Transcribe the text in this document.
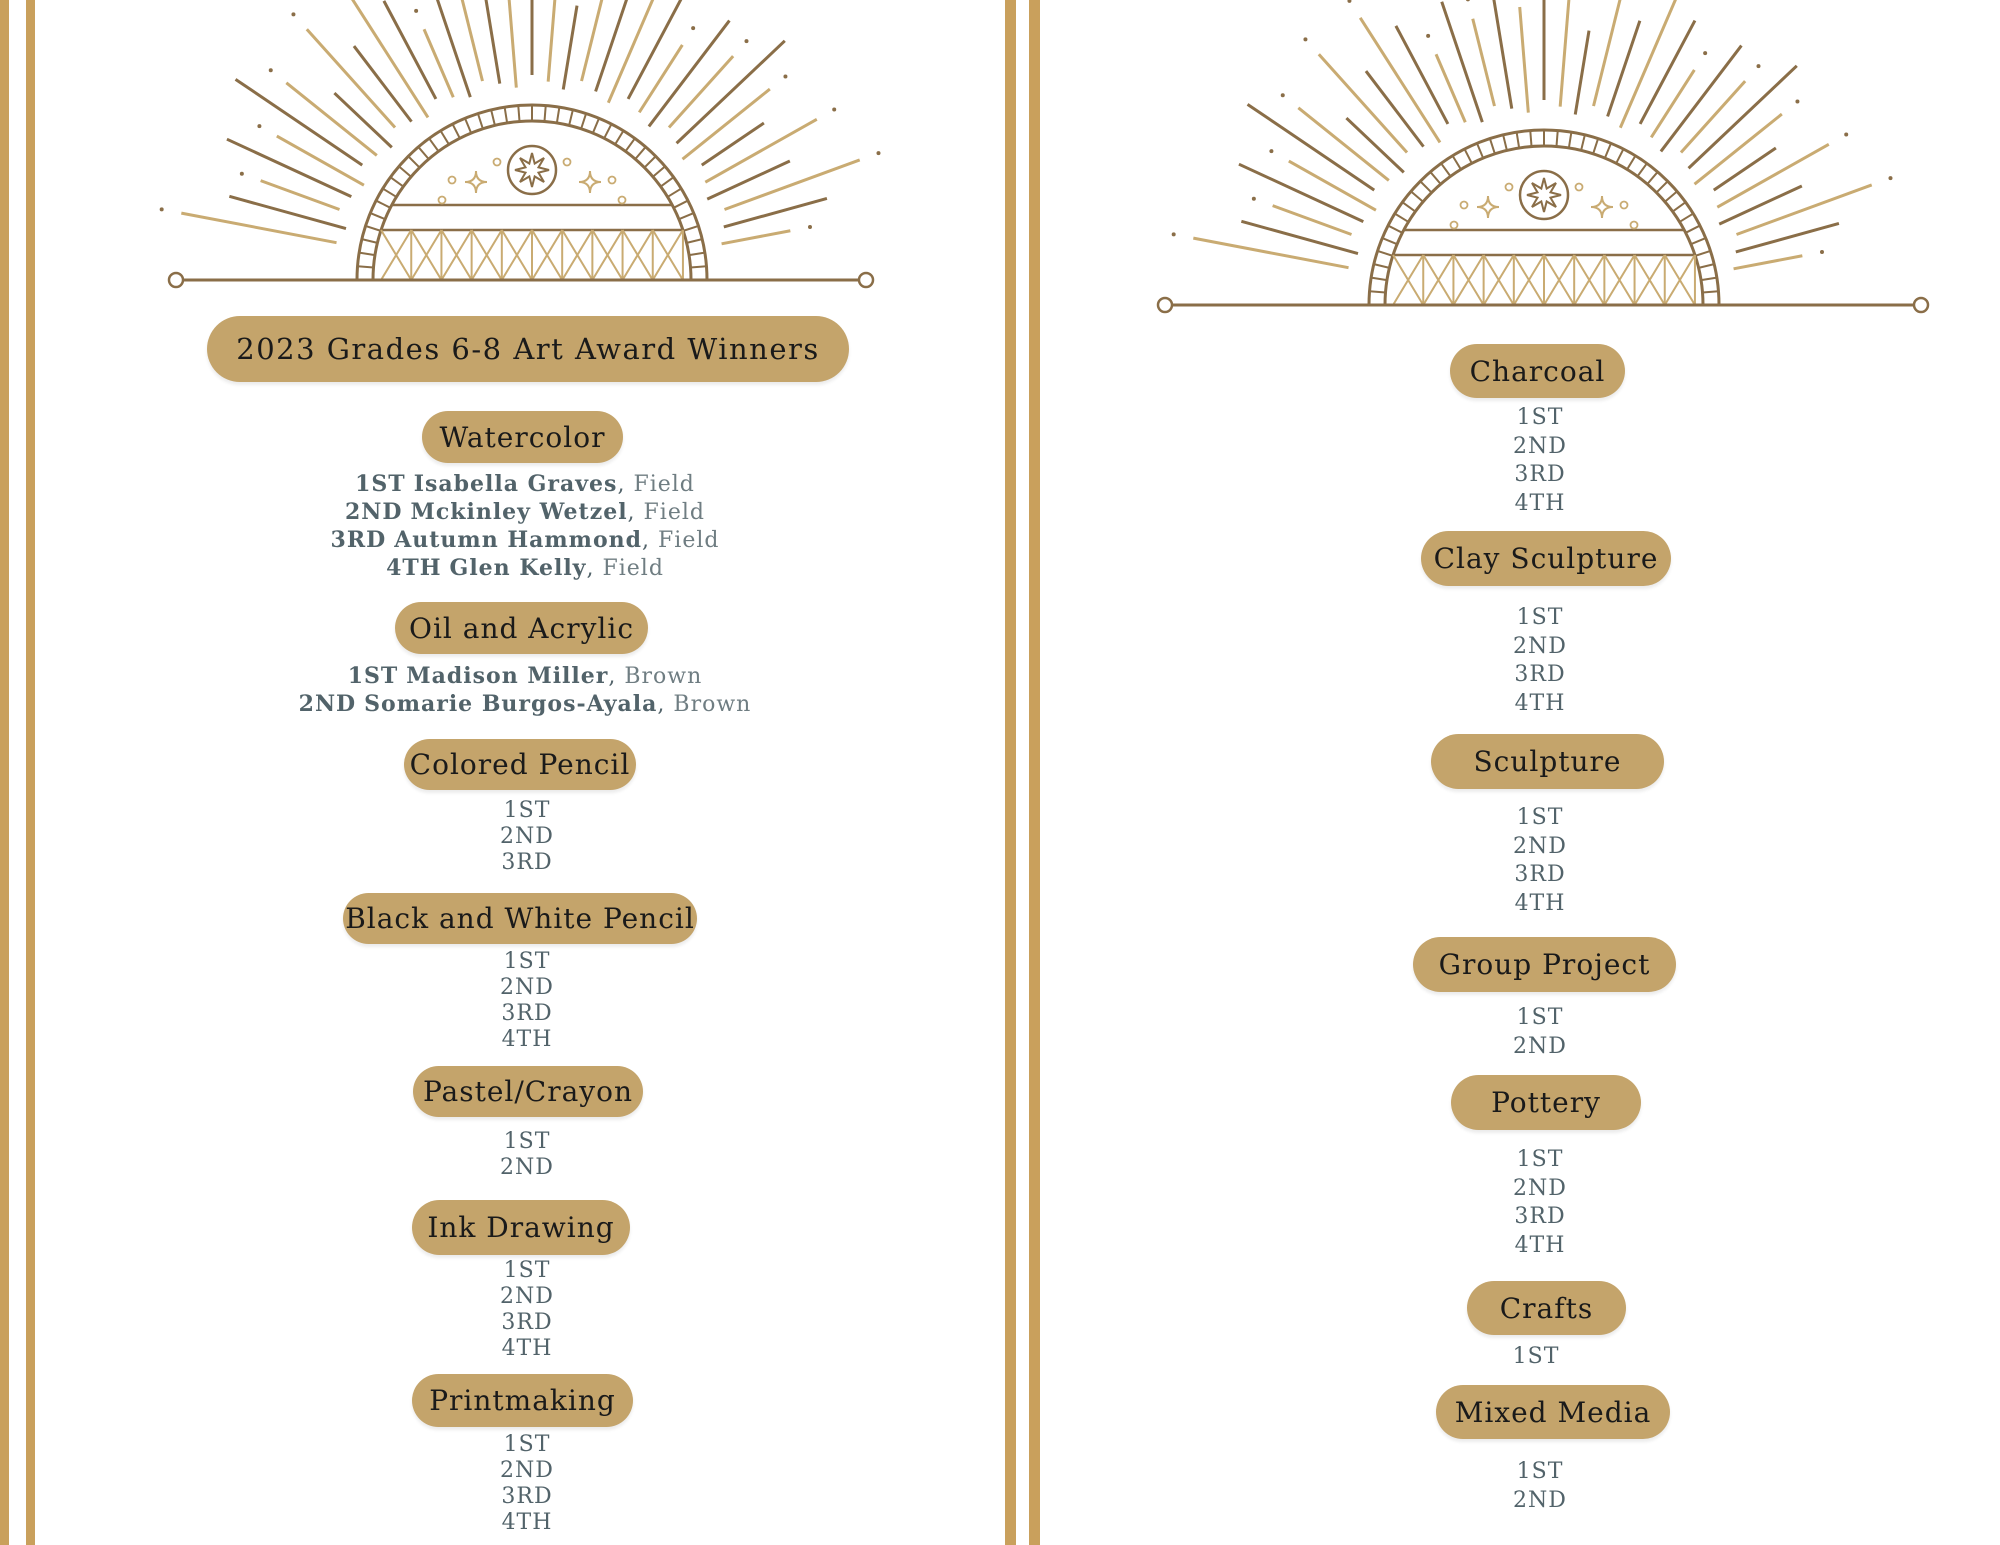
2023 Grades 6-8 Art Award Winners
Watercolor
1ST Isabella Graves, Field
2ND Mckinley Wetzel, Field
3RD Autumn Hammond, Field
4TH Glen Kelly, Field
Oil and Acrylic
1ST Madison Miller, Brown
2ND Somarie Burgos-Ayala, Brown
Colored Pencil
1ST
2ND
3RD
Black and White Pencil
1ST
2ND
3RD
4TH
Pastel/Crayon
1ST
2ND
Ink Drawing
1ST
2ND
3RD
4TH
Printmaking
1ST
2ND
3RD
4TH
Charcoal
1ST
2ND
3RD
4TH
Clay Sculpture
1ST
2ND
3RD
4TH
Sculpture
1ST
2ND
3RD
4TH
Group Project
1ST
2ND
Pottery
1ST
2ND
3RD
4TH
Crafts
1ST
Mixed Media
1ST
2ND
